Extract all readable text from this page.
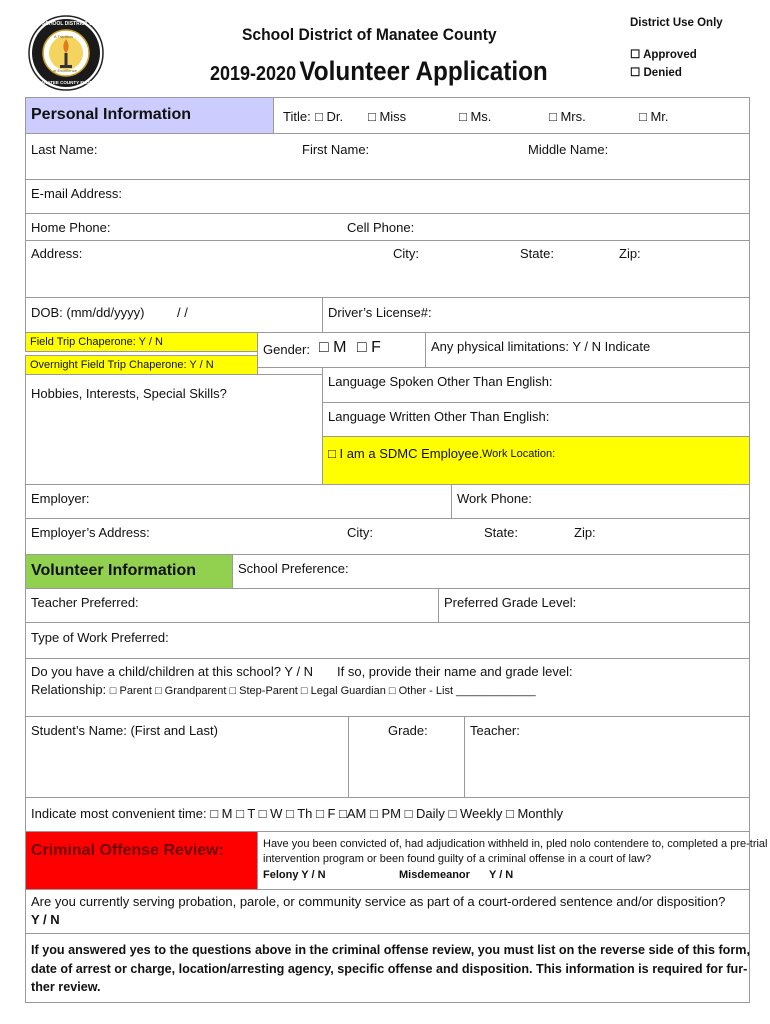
SCHOOL DISTRICT OF
A Tradition
of Excellence
MANATEE COUNTY FLORIDA
School District of Manatee County
2019-2020 Volunteer Application
District Use Only
☐ Approved
☐ Denied
Personal Information	Title: □ Dr. □ Miss	□ Ms.	□ Mrs.	□ Mr.
Last Name:	First Name:	Middle Name:
E-mail Address:
Home Phone:	Cell Phone:
Address:	City:	State:	Zip:
DOB: (mm/dd/yyyy)	/ /	Driver’s License#:
Field Trip Chaperone: Y / N
Overnight Field Trip Chaperone: Y / N
Gender: □ M □ F	Any physical limitations: Y / N Indicate
Hobbies, Interests, Special Skills?
Language Spoken Other Than English:
Language Written Other Than English:
□ I am a SDMC Employee. Work Location:
Employer:	Work Phone:
Employer’s Address:	City:	State:	Zip:
Volunteer Information	School Preference:
Teacher Preferred:	Preferred Grade Level:
Type of Work Preferred:
Do you have a child/children at this school? Y / N If so, provide their name and grade level:
Relationship: □ Parent □ Grandparent □ Step-Parent □ Legal Guardian □ Other - List _____________
Student’s Name: (First and Last)	Grade:	Teacher:
Indicate most convenient time: □ M □ T □ W □ Th □ F □AM □ PM □ Daily □ Weekly □ Monthly
Criminal Offense Review:	Have you been convicted of, had adjudication withheld in, pled nolo contendere to, completed a pre-trial
intervention program or been found guilty of a criminal offense in a court of law?
Felony Y / N	Misdemeanor Y / N
Are you currently serving probation, parole, or community service as part of a court-ordered sentence and/or disposition?
Y / N
If you answered yes to the questions above in the criminal offense review, you must list on the reverse side of this form,
date of arrest or charge, location/arresting agency, specific offense and disposition. This information is required for fur-
ther review.
